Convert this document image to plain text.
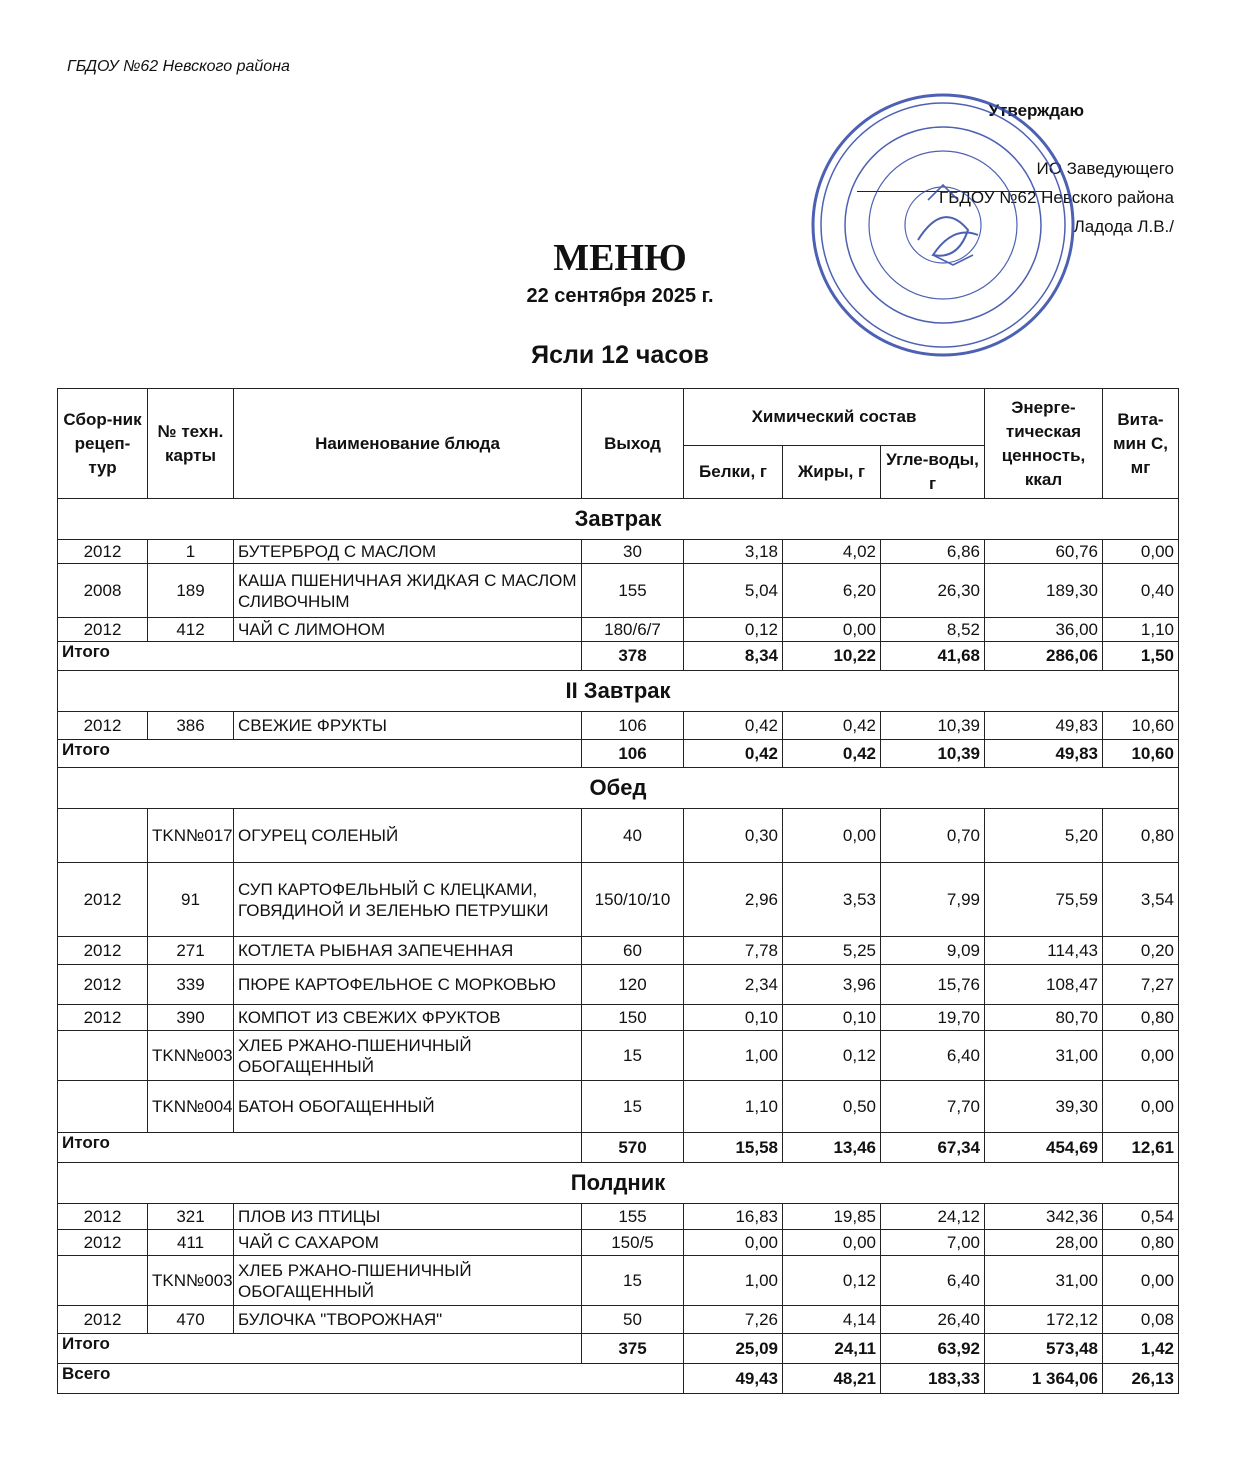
ГБДОУ №62 Невского района
Утверждаю
ИО Заведующего
ГБДОУ №62 Невского района
Ладода Л.В./
МЕНЮ
22 сентября 2025 г.
Ясли 12 часов
Сбор-ник рецеп-тур	№ техн. карты	Наименование блюда	Выход	Химический состав			Энерге-тическая ценность, ккал	Вита-мин С, мг
				Белки, г	Жиры, г	Угле-воды, г		
Завтрак								
2012	1	БУТЕРБРОД С МАСЛОМ	30	3,18	4,02	6,86	60,76	0,00
2008	189	КАША ПШЕНИЧНАЯ ЖИДКАЯ С МАСЛОМ СЛИВОЧНЫМ	155	5,04	6,20	26,30	189,30	0,40
2012	412	ЧАЙ С ЛИМОНОМ	180/6/7	0,12	0,00	8,52	36,00	1,10
Итого			378	8,34	10,22	41,68	286,06	1,50
II Завтрак								
2012	386	СВЕЖИЕ ФРУКТЫ	106	0,42	0,42	10,39	49,83	10,60
Итого			106	0,42	0,42	10,39	49,83	10,60
Обед								
	TKN№017	ОГУРЕЦ СОЛЕНЫЙ	40	0,30	0,00	0,70	5,20	0,80
2012	91	СУП КАРТОФЕЛЬНЫЙ С КЛЕЦКАМИ, ГОВЯДИНОЙ И ЗЕЛЕНЬЮ ПЕТРУШКИ	150/10/10	2,96	3,53	7,99	75,59	3,54
2012	271	КОТЛЕТА РЫБНАЯ ЗАПЕЧЕННАЯ	60	7,78	5,25	9,09	114,43	0,20
2012	339	ПЮРЕ КАРТОФЕЛЬНОЕ С МОРКОВЬЮ	120	2,34	3,96	15,76	108,47	7,27
2012	390	КОМПОТ ИЗ СВЕЖИХ ФРУКТОВ	150	0,10	0,10	19,70	80,70	0,80
	TKN№003	ХЛЕБ РЖАНО-ПШЕНИЧНЫЙ ОБОГАЩЕННЫЙ	15	1,00	0,12	6,40	31,00	0,00
	TKN№004	БАТОН ОБОГАЩЕННЫЙ	15	1,10	0,50	7,70	39,30	0,00
Итого			570	15,58	13,46	67,34	454,69	12,61
Полдник								
2012	321	ПЛОВ ИЗ ПТИЦЫ	155	16,83	19,85	24,12	342,36	0,54
2012	411	ЧАЙ С САХАРОМ	150/5	0,00	0,00	7,00	28,00	0,80
	TKN№003	ХЛЕБ РЖАНО-ПШЕНИЧНЫЙ ОБОГАЩЕННЫЙ	15	1,00	0,12	6,40	31,00	0,00
2012	470	БУЛОЧКА "ТВОРОЖНАЯ"	50	7,26	4,14	26,40	172,12	0,08
Итого			375	25,09	24,11	63,92	573,48	1,42
Всего				49,43	48,21	183,33	1 364,06	26,13
